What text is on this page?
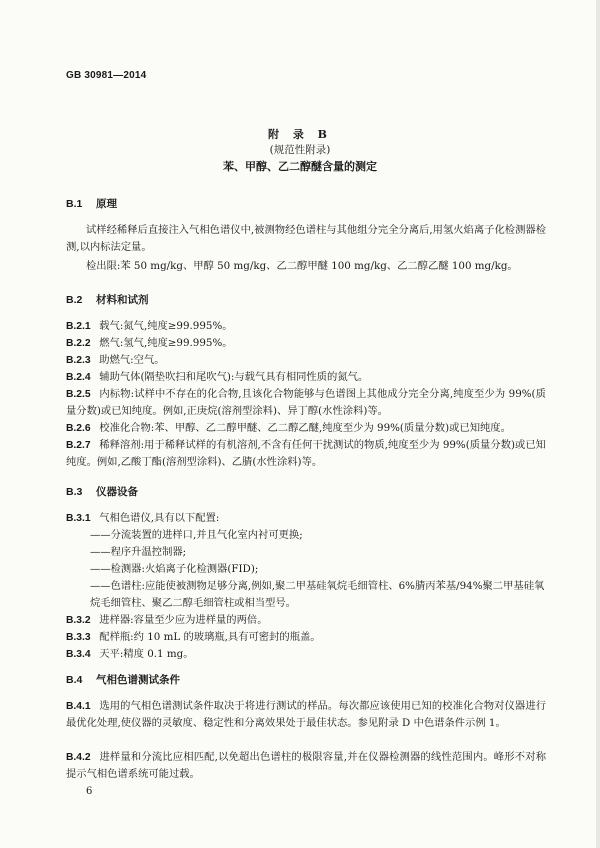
GB 30981—2014
附 录 B
(规范性附录)
苯、甲醇、乙二醇醚含量的测定
B.1 原理
试样经稀释后直接注入气相色谱仪中,被测物经色谱柱与其他组分完全分离后,用氢火焰离子化检测器检测,以内标法定量。
检出限:苯 50 mg/kg、甲醇 50 mg/kg、乙二醇甲醚 100 mg/kg、乙二醇乙醚 100 mg/kg。
B.2 材料和试剂
B.2.1 载气:氮气,纯度≥99.995%。
B.2.2 燃气:氢气,纯度≥99.995%。
B.2.3 助燃气:空气。
B.2.4 辅助气体(隔垫吹扫和尾吹气):与载气具有相同性质的氮气。
B.2.5 内标物:试样中不存在的化合物,且该化合物能够与色谱图上其他成分完全分离,纯度至少为 99%(质量分数)或已知纯度。例如,正庚烷(溶剂型涂料)、异丁醇(水性涂料)等。
B.2.6 校准化合物:苯、甲醇、乙二醇甲醚、乙二醇乙醚,纯度至少为 99%(质量分数)或已知纯度。
B.2.7 稀释溶剂:用于稀释试样的有机溶剂,不含有任何干扰测试的物质,纯度至少为 99%(质量分数)或已知纯度。例如,乙酸丁酯(溶剂型涂料)、乙腈(水性涂料)等。
B.3 仪器设备
B.3.1 气相色谱仪,具有以下配置:
——分流装置的进样口,并且气化室内衬可更换;
——程序升温控制器;
——检测器:火焰离子化检测器(FID);
——色谱柱:应能使被测物足够分离,例如,聚二甲基硅氧烷毛细管柱、6%腈丙苯基/94%聚二甲基硅氧烷毛细管柱、聚乙二醇毛细管柱或相当型号。
B.3.2 进样器:容量至少应为进样量的两倍。
B.3.3 配样瓶:约 10 mL 的玻璃瓶,具有可密封的瓶盖。
B.3.4 天平:精度 0.1 mg。
B.4 气相色谱测试条件
B.4.1 选用的气相色谱测试条件取决于将进行测试的样品。每次都应该使用已知的校准化合物对仪器进行最优化处理,使仪器的灵敏度、稳定性和分离效果处于最佳状态。参见附录 D 中色谱条件示例 1。
B.4.2 进样量和分流比应相匹配,以免超出色谱柱的极限容量,并在仪器检测器的线性范围内。峰形不对称提示气相色谱系统可能过载。
6
